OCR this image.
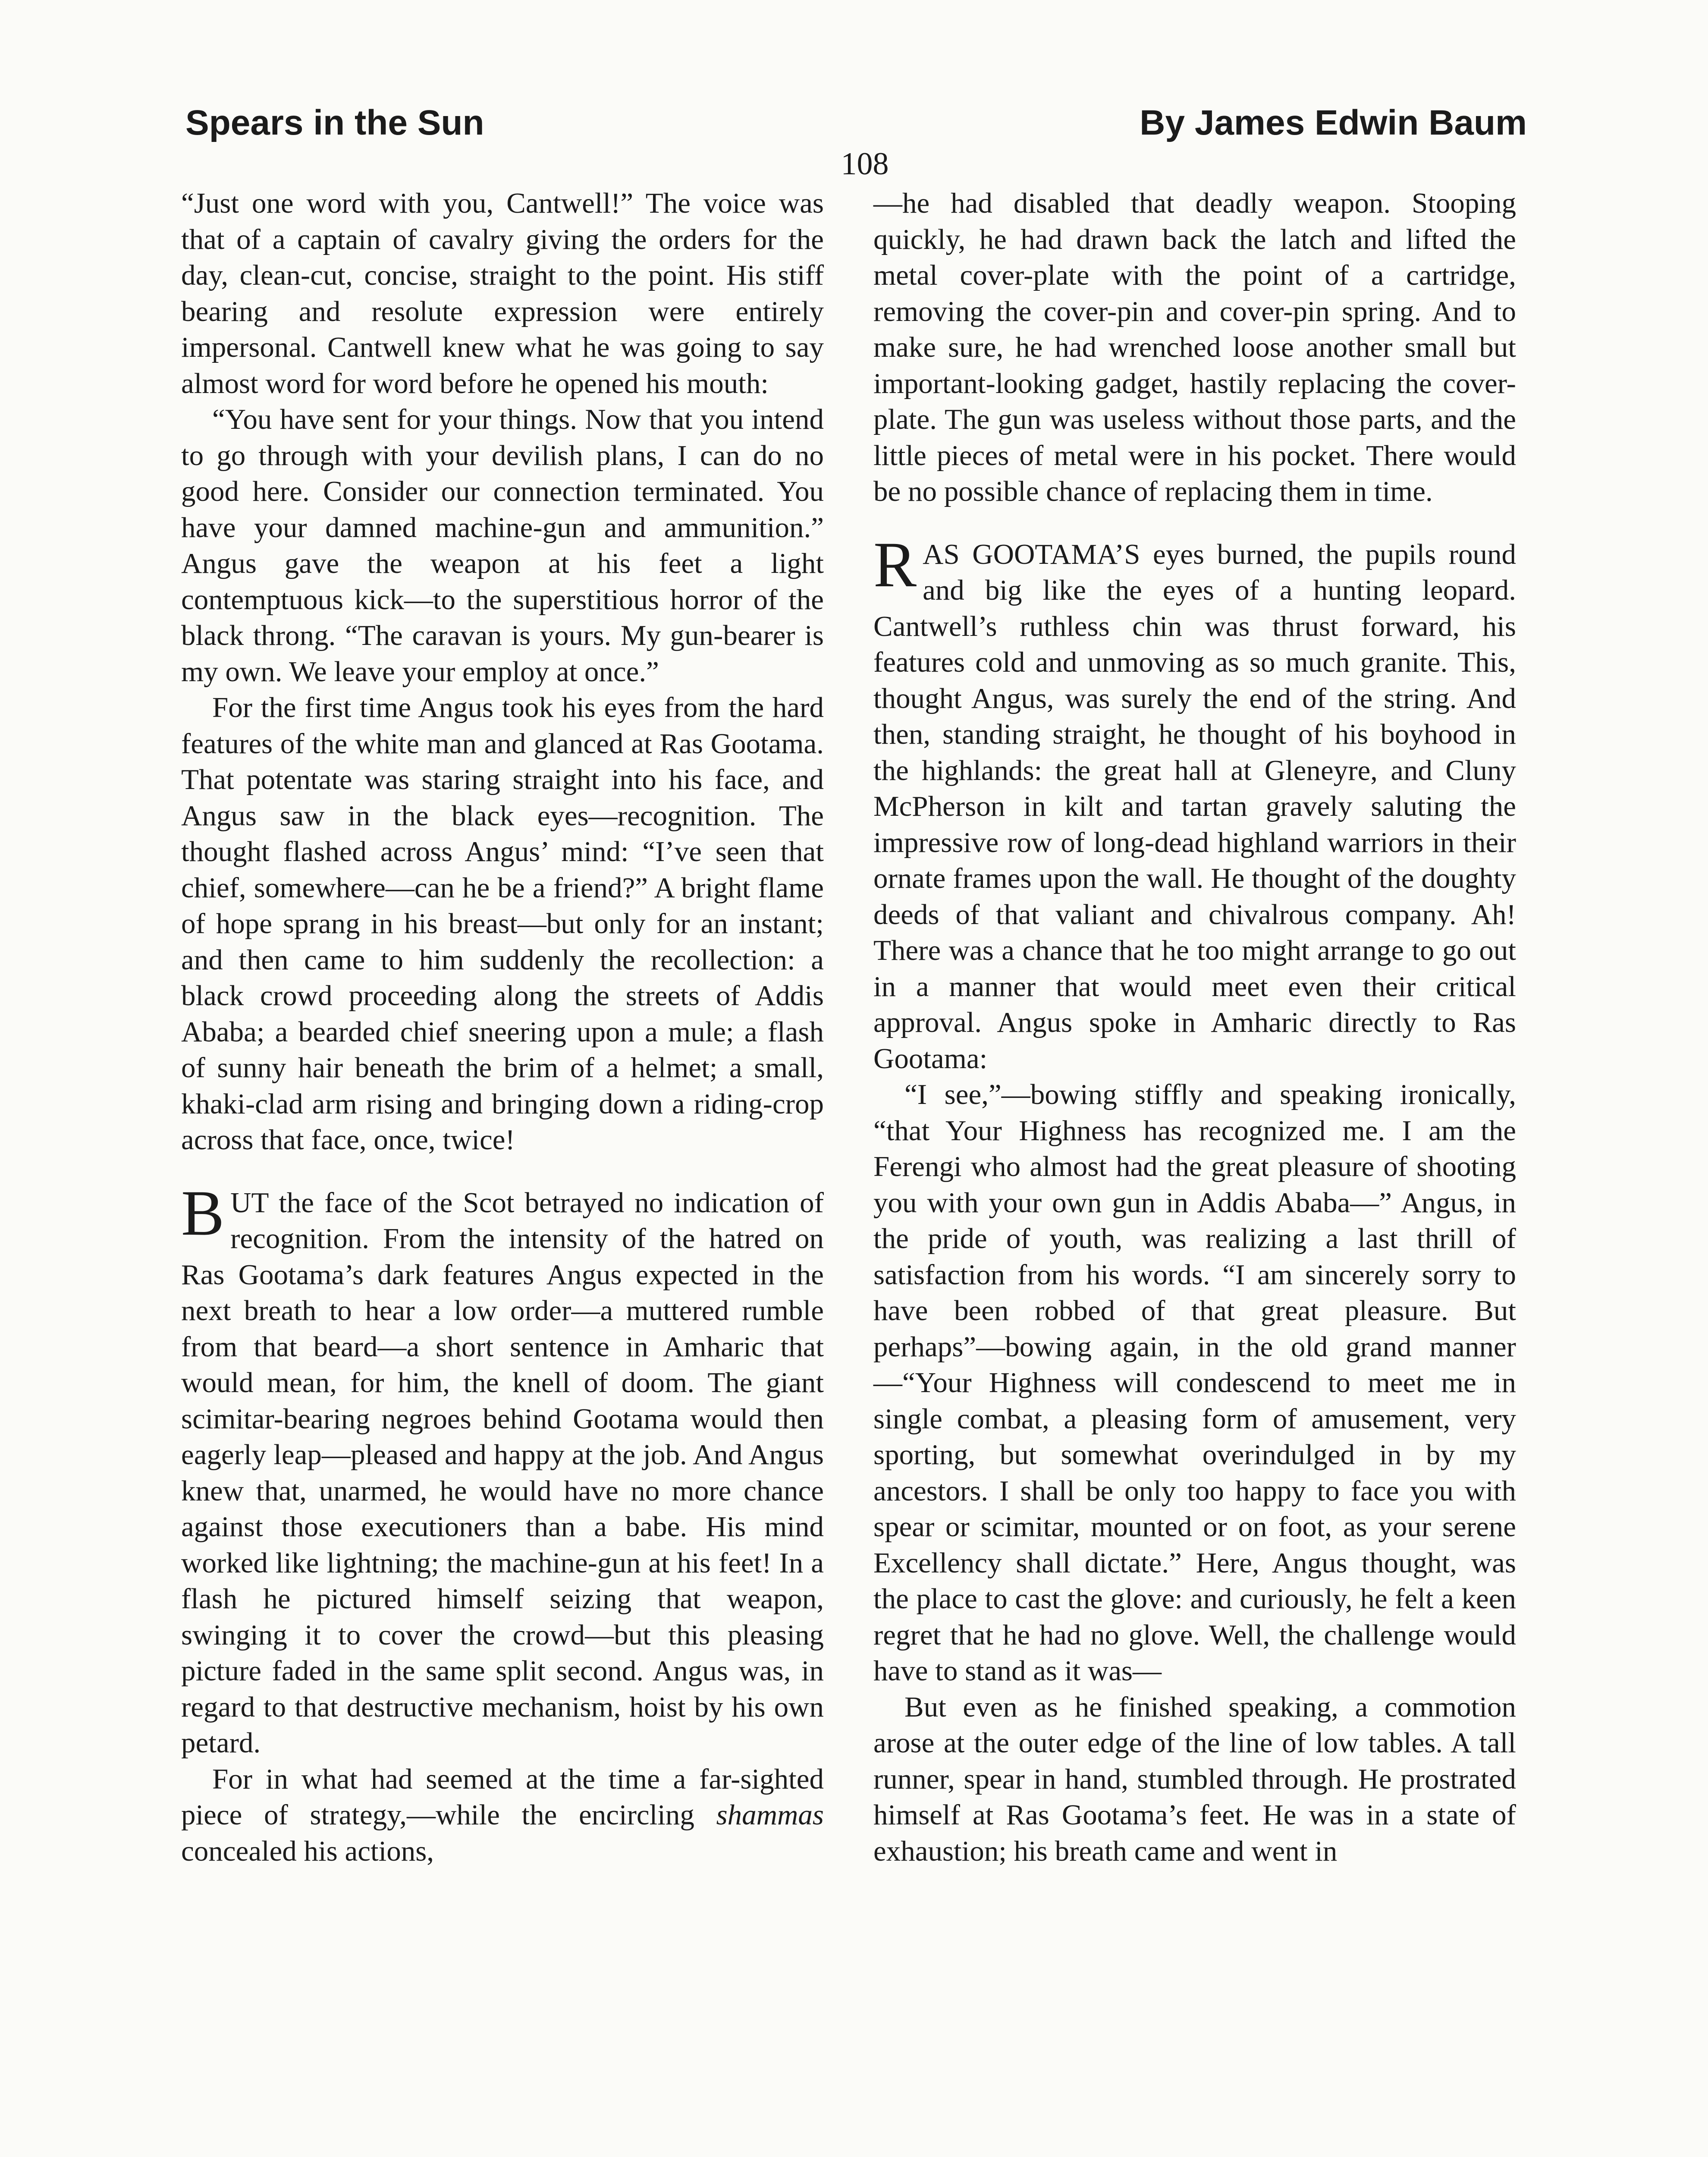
Spears in the Sun	By James Edwin Baum
108

“Just one word with you, Cantwell!” The voice was that of a captain of cavalry giving the orders for the day, clean-cut, concise, straight to the point. His stiff bearing and resolute expression were entirely impersonal. Cantwell knew what he was going to say almost word for word before he opened his mouth:

“You have sent for your things. Now that you intend to go through with your devilish plans, I can do no good here. Consider our connection terminated. You have your damned machine-gun and ammunition.” Angus gave the weapon at his feet a light contemptuous kick—to the superstitious horror of the black throng. “The caravan is yours. My gun-bearer is my own. We leave your employ at once.”

For the first time Angus took his eyes from the hard features of the white man and glanced at Ras Gootama. That potentate was staring straight into his face, and Angus saw in the black eyes—recognition. The thought flashed across Angus’ mind: “I’ve seen that chief, somewhere—can he be a friend?” A bright flame of hope sprang in his breast—but only for an instant; and then came to him suddenly the recollection: a black crowd proceeding along the streets of Addis Ababa; a bearded chief sneering upon a mule; a flash of sunny hair beneath the brim of a helmet; a small, khaki-clad arm rising and bringing down a riding-crop across that face, once, twice!

BUT the face of the Scot betrayed no indication of recognition. From the intensity of the hatred on Ras Gootama’s dark features Angus expected in the next breath to hear a low order—a muttered rumble from that beard—a short sentence in Amharic that would mean, for him, the knell of doom. The giant scimitar-bearing negroes behind Gootama would then eagerly leap—pleased and happy at the job. And Angus knew that, unarmed, he would have no more chance against those executioners than a babe. His mind worked like lightning; the machine-gun at his feet! In a flash he pictured himself seizing that weapon, swinging it to cover the crowd—but this pleasing picture faded in the same split second. Angus was, in regard to that destructive mechanism, hoist by his own petard.

For in what had seemed at the time a far-sighted piece of strategy,—while the encircling shammas concealed his actions,

—he had disabled that deadly weapon. Stooping quickly, he had drawn back the latch and lifted the metal cover-plate with the point of a cartridge, removing the cover-pin and cover-pin spring. And to make sure, he had wrenched loose another small but important-looking gadget, hastily replacing the cover-plate. The gun was useless without those parts, and the little pieces of metal were in his pocket. There would be no possible chance of replacing them in time.

RAS GOOTAMA’S eyes burned, the pupils round and big like the eyes of a hunting leopard. Cantwell’s ruthless chin was thrust forward, his features cold and unmoving as so much granite. This, thought Angus, was surely the end of the string. And then, standing straight, he thought of his boyhood in the highlands: the great hall at Gleneyre, and Cluny McPherson in kilt and tartan gravely saluting the impressive row of long-dead highland warriors in their ornate frames upon the wall. He thought of the doughty deeds of that valiant and chivalrous company. Ah! There was a chance that he too might arrange to go out in a manner that would meet even their critical approval. Angus spoke in Amharic directly to Ras Gootama:

“I see,”—bowing stiffly and speaking ironically, “that Your Highness has recognized me. I am the Ferengi who almost had the great pleasure of shooting you with your own gun in Addis Ababa—” Angus, in the pride of youth, was realizing a last thrill of satisfaction from his words. “I am sincerely sorry to have been robbed of that great pleasure. But perhaps”—bowing again, in the old grand manner—“Your Highness will condescend to meet me in single combat, a pleasing form of amusement, very sporting, but somewhat overindulged in by my ancestors. I shall be only too happy to face you with spear or scimitar, mounted or on foot, as your serene Excellency shall dictate.” Here, Angus thought, was the place to cast the glove: and curiously, he felt a keen regret that he had no glove. Well, the challenge would have to stand as it was—

But even as he finished speaking, a commotion arose at the outer edge of the line of low tables. A tall runner, spear in hand, stumbled through. He prostrated himself at Ras Gootama’s feet. He was in a state of exhaustion; his breath came and went in
